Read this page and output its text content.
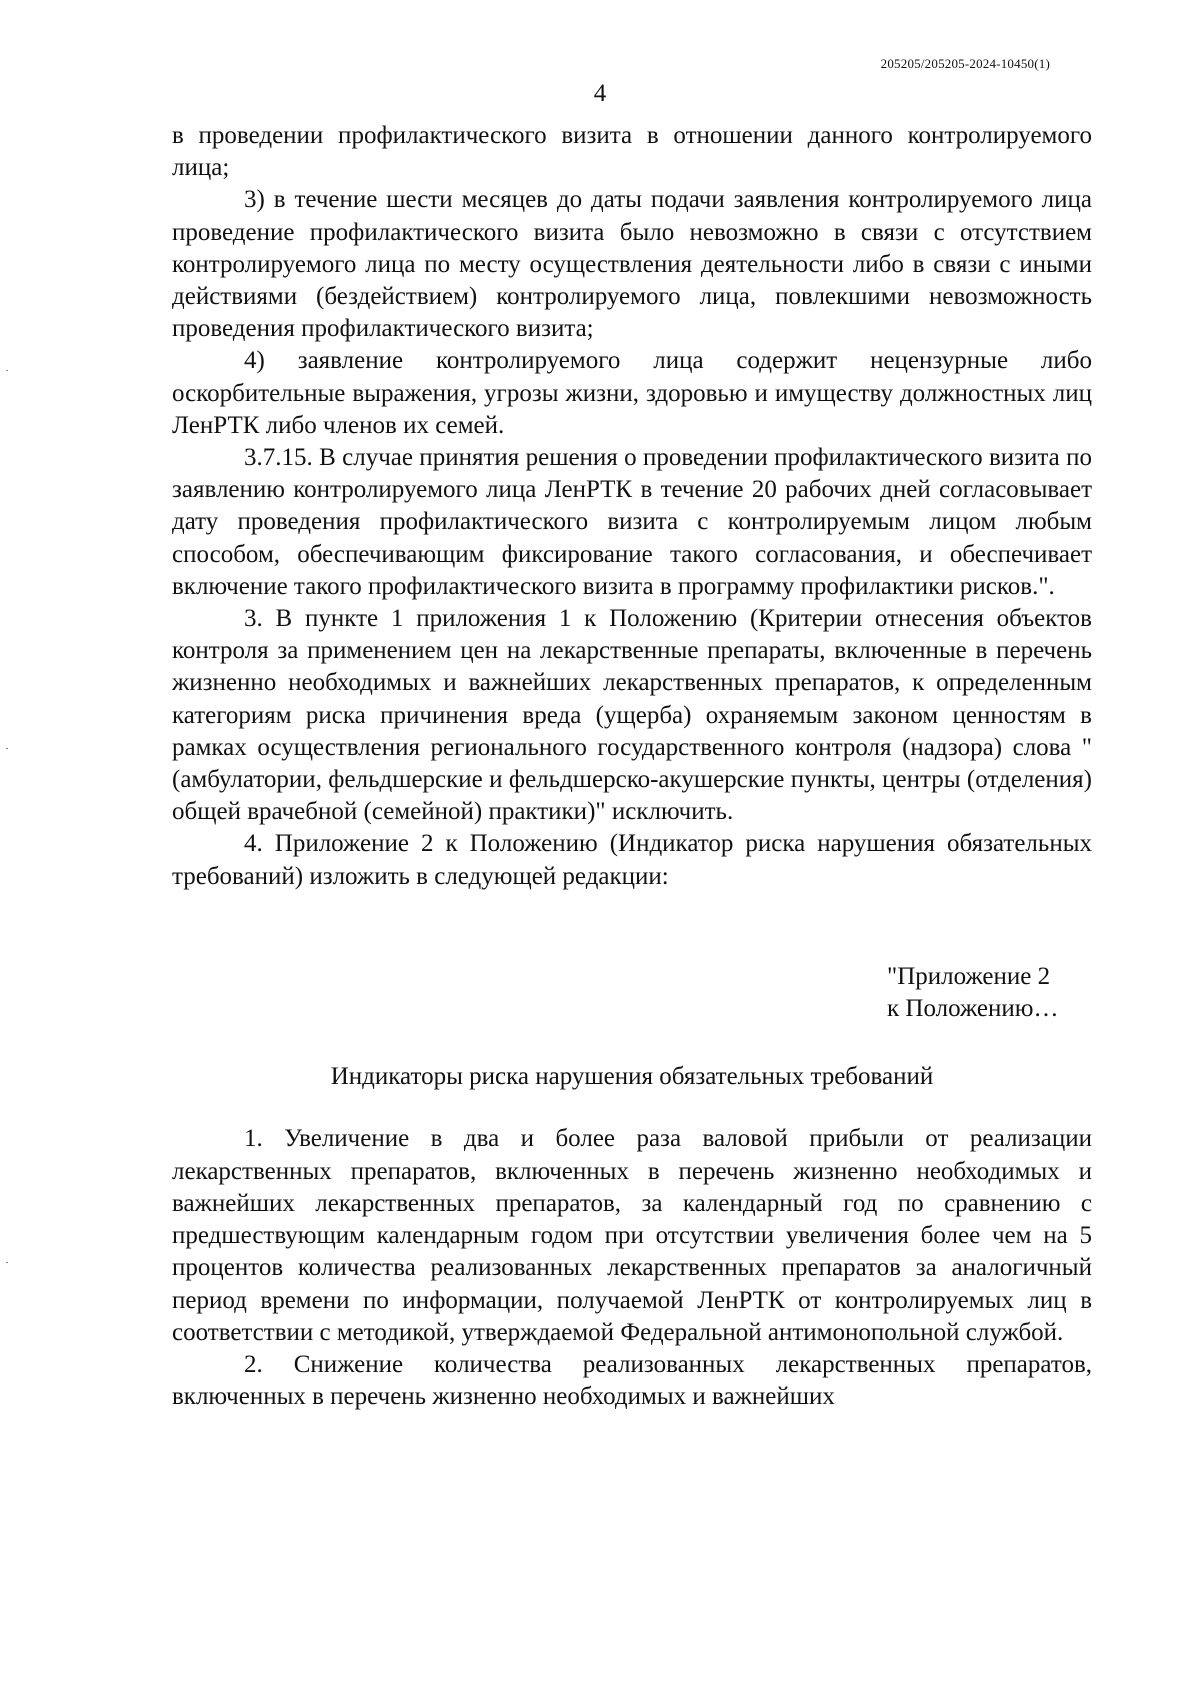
205205/205205-2024-10450(1)
4

в проведении профилактического визита в отношении данного контролируемого лица;

3) в течение шести месяцев до даты подачи заявления контролируемого лица проведение профилактического визита было невозможно в связи с отсутствием контролируемого лица по месту осуществления деятельности либо в связи с иными действиями (бездействием) контролируемого лица, повлекшими невозможность проведения профилактического визита;

4) заявление контролируемого лица содержит нецензурные либо оскорбительные выражения, угрозы жизни, здоровью и имуществу должностных лиц ЛенРТК либо членов их семей.

3.7.15. В случае принятия решения о проведении профилактического визита по заявлению контролируемого лица ЛенРТК в течение 20 рабочих дней согласовывает дату проведения профилактического визита с контролируемым лицом любым способом, обеспечивающим фиксирование такого согласования, и обеспечивает включение такого профилактического визита в программу профилактики рисков.".

3. В пункте 1 приложения 1 к Положению (Критерии отнесения объектов контроля за применением цен на лекарственные препараты, включенные в перечень жизненно необходимых и важнейших лекарственных препаратов, к определенным категориям риска причинения вреда (ущерба) охраняемым законом ценностям в рамках осуществления регионального государственного контроля (надзора) слова "(амбулатории, фельдшерские и фельдшерско-акушерские пункты, центры (отделения) общей врачебной (семейной) практики)" исключить.

4. Приложение 2 к Положению (Индикатор риска нарушения обязательных требований) изложить в следующей редакции:

"Приложение 2
к Положению…

Индикаторы риска нарушения обязательных требований

1. Увеличение в два и более раза валовой прибыли от реализации лекарственных препаратов, включенных в перечень жизненно необходимых и важнейших лекарственных препаратов, за календарный год по сравнению с предшествующим календарным годом при отсутствии увеличения более чем на 5 процентов количества реализованных лекарственных препаратов за аналогичный период времени по информации, получаемой ЛенРТК от контролируемых лиц в соответствии с методикой, утверждаемой Федеральной антимонопольной службой.

2. Снижение количества реализованных лекарственных препаратов, включенных в перечень жизненно необходимых и важнейших
